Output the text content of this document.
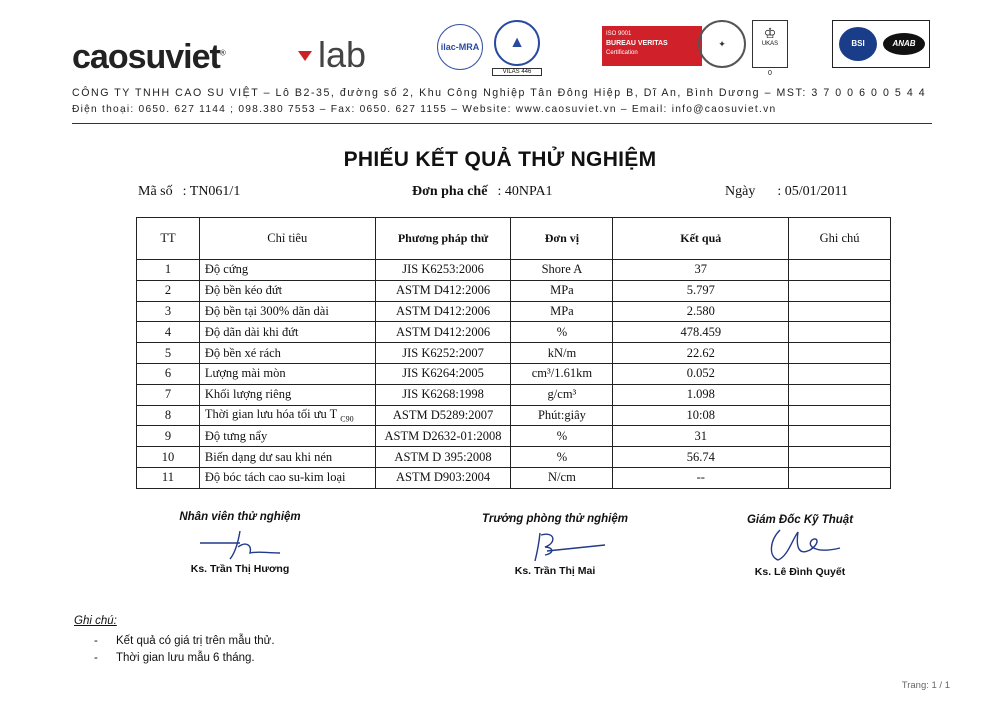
caosuviet®	lab	ilac-MRA	▲
VILAS 446
ISO 9001
BUREAU VERITAS
Certification
✦
♔
UKAS
0
BSI	ANAB
CÔNG TY TNHH CAO SU VIỆT – Lô B2-35, đường số 2, Khu Công Nghiệp Tân Đông Hiệp B, Dĩ An, Bình Dương – MST: 3 7 0 0 6 0 0 5 4 4
Điện thoại: 0650. 627 1144 ; 098.380 7553 – Fax: 0650. 627 1155 – Website: www.caosuviet.vn – Email: info@caosuviet.vn
PHIẾU KẾT QUẢ THỬ NGHIỆM
Mã số : TN061/1	Đơn pha chế : 40NPA1	Ngày : 05/01/2011
TT	Chỉ tiêu	Phương pháp thử	Đơn vị	Kết quả	Ghi chú
1	Độ cứng	JIS K6253:2006	Shore A	37	
2	Độ bền kéo đứt	ASTM D412:2006	MPa	5.797	
3	Độ bền tại 300% dãn dài	ASTM D412:2006	MPa	2.580	
4	Độ dãn dài khi đứt	ASTM D412:2006	%	478.459	
5	Độ bền xé rách	JIS K6252:2007	kN/m	22.62	
6	Lượng mài mòn	JIS K6264:2005	cm³/1.61km	0.052	
7	Khối lượng riêng	JIS K6268:1998	g/cm³	1.098	
8	Thời gian lưu hóa tối ưu T $_{C90}$	ASTM D5289:2007	Phút:giây	10:08	
9	Độ tưng nẩy	ASTM D2632-01:2008	%	31	
10	Biến dạng dư sau khi nén	ASTM D 395:2008	%	56.74	
11	Độ bóc tách cao su-kim loại	ASTM D903:2004	N/cm	--	
Nhân viên thử nghiệm
Ks. Trần Thị Hương
Trưởng phòng thử nghiệm
Ks. Trần Thị Mai
Giám Đốc Kỹ Thuật
Ks. Lê Đình Quyết
Ghi chú:
- Kết quả có giá trị trên mẫu thử.
- Thời gian lưu mẫu 6 tháng.
Trang: 1 / 1
